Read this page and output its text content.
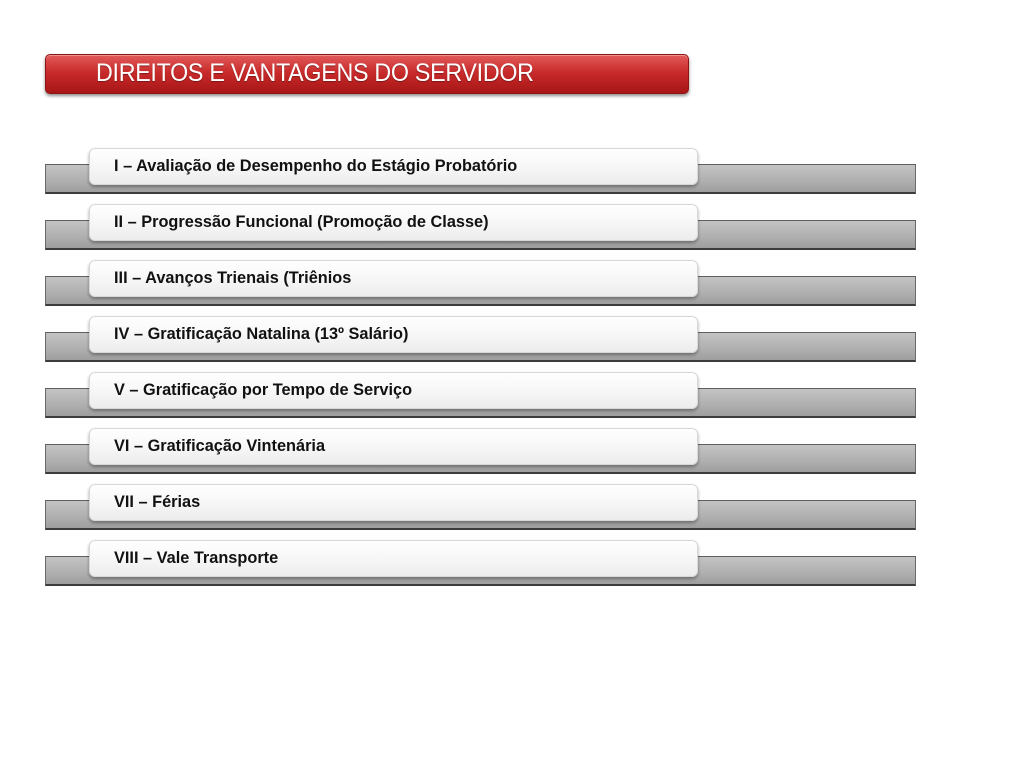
DIREITOS E VANTAGENS DO SERVIDOR
I – Avaliação de Desempenho do Estágio Probatório
II – Progressão Funcional (Promoção de Classe)
III – Avanços Trienais (Triênios
IV – Gratificação Natalina (13º Salário)
V – Gratificação por Tempo de Serviço
VI – Gratificação Vintenária
VII – Férias
VIII – Vale Transporte
